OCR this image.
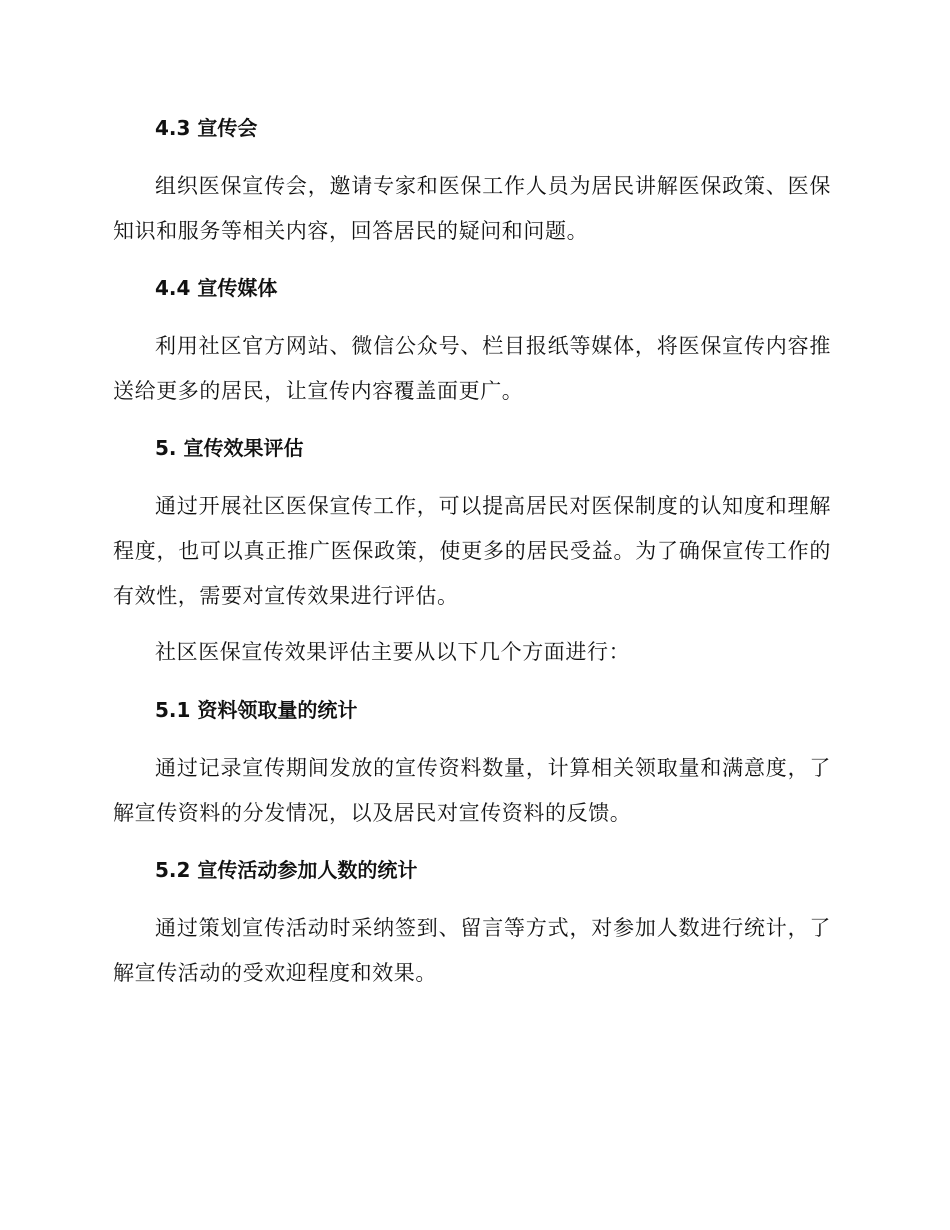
4.3 宣传会

组织医保宣传会，邀请专家和医保工作人员为居民讲解医保政策、医保知识和服务等相关内容，回答居民的疑问和问题。

4.4 宣传媒体

利用社区官方网站、微信公众号、栏目报纸等媒体，将医保宣传内容推送给更多的居民，让宣传内容覆盖面更广。

5. 宣传效果评估

通过开展社区医保宣传工作，可以提高居民对医保制度的认知度和理解程度，也可以真正推广医保政策，使更多的居民受益。为了确保宣传工作的有效性，需要对宣传效果进行评估。

社区医保宣传效果评估主要从以下几个方面进行：

5.1 资料领取量的统计

通过记录宣传期间发放的宣传资料数量，计算相关领取量和满意度，了解宣传资料的分发情况，以及居民对宣传资料的反馈。

5.2 宣传活动参加人数的统计

通过策划宣传活动时采纳签到、留言等方式，对参加人数进行统计，了解宣传活动的受欢迎程度和效果。
